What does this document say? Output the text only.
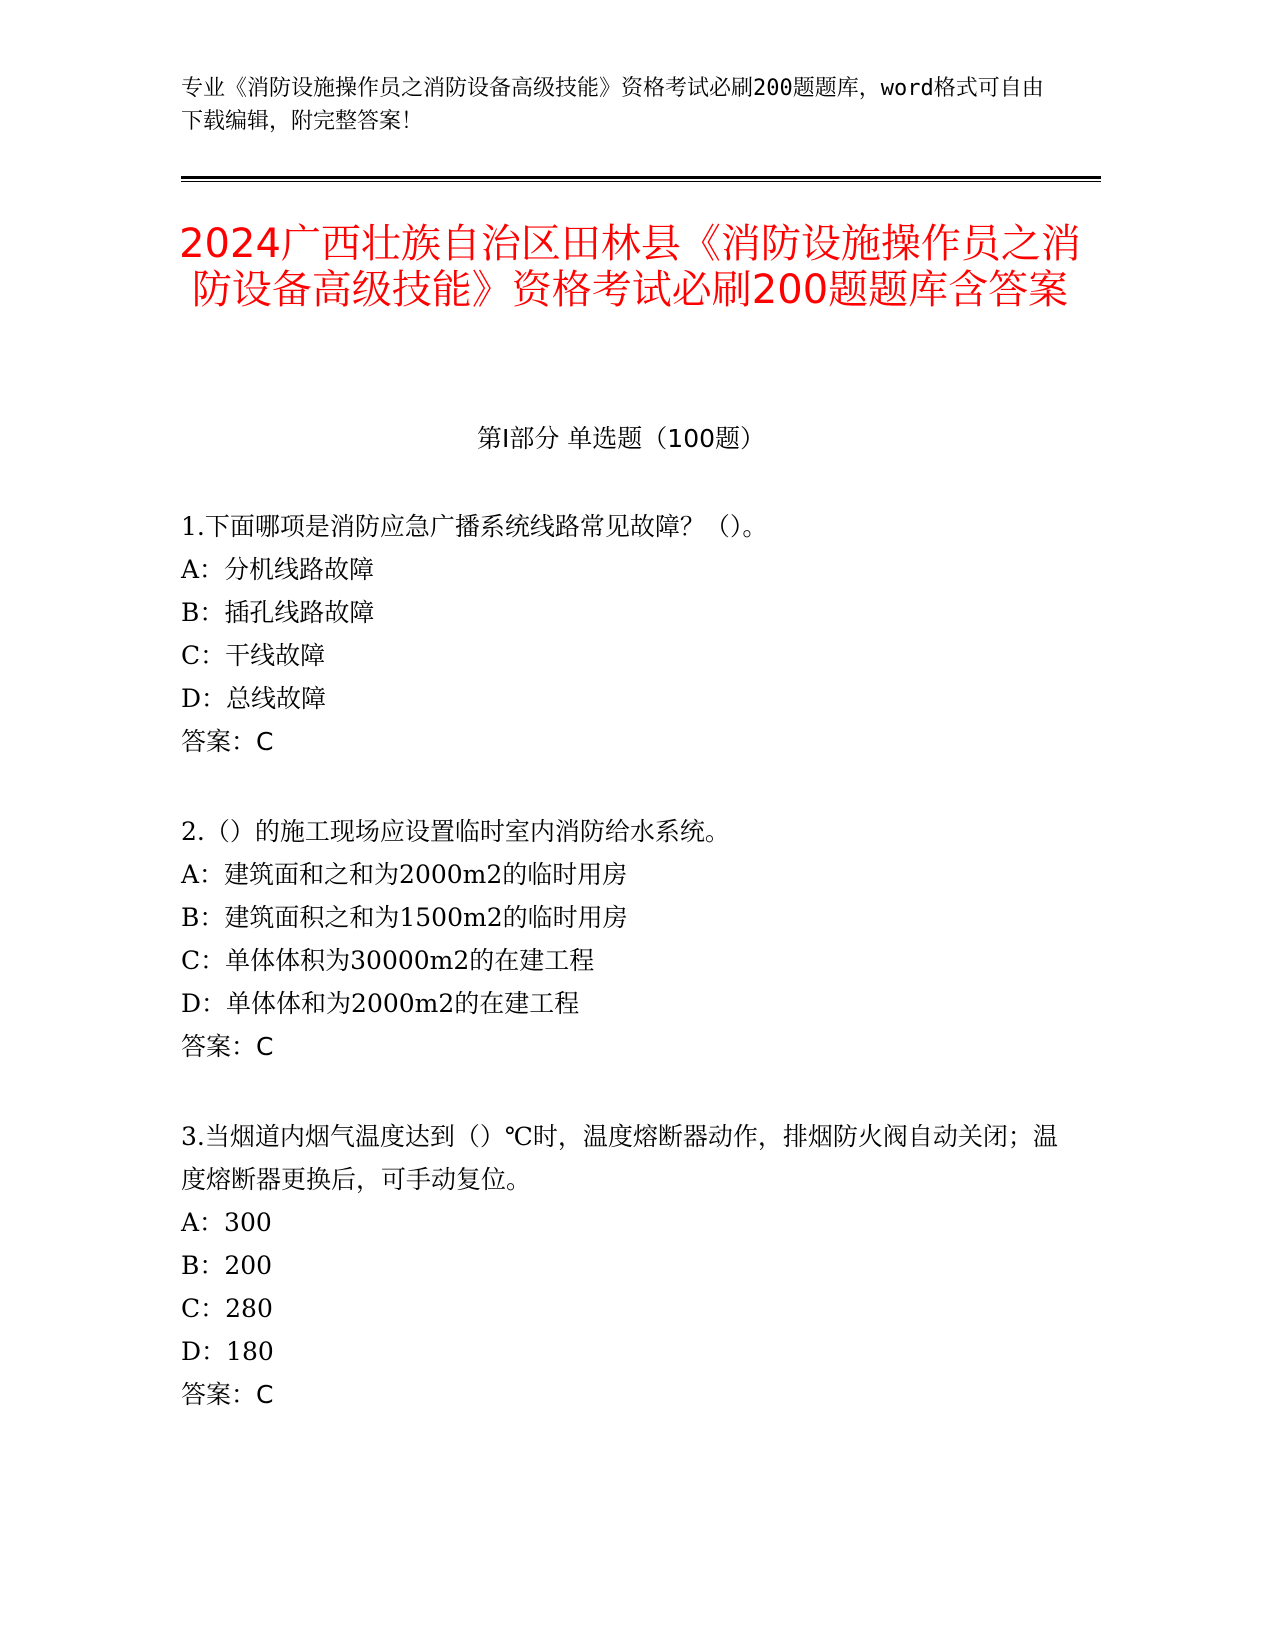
专业《消防设施操作员之消防设备高级技能》资格考试必刷200题题库，word格式可自由下载编辑，附完整答案！
2024广西壮族自治区田林县《消防设施操作员之消防设备高级技能》资格考试必刷200题题库含答案
第Ⅰ部分 单选题（100题）
1.下面哪项是消防应急广播系统线路常见故障？（）。
A：分机线路故障
B：插孔线路故障
C：干线故障
D：总线故障
答案：C
2.（）的施工现场应设置临时室内消防给水系统。
A：建筑面和之和为2000m2的临时用房
B：建筑面积之和为1500m2的临时用房
C：单体体积为30000m2的在建工程
D：单体体和为2000m2的在建工程
答案：C
3.当烟道内烟气温度达到（）℃时，温度熔断器动作，排烟防火阀自动关闭；温度熔断器更换后，可手动复位。
A：300
B：200
C：280
D：180
答案：C
